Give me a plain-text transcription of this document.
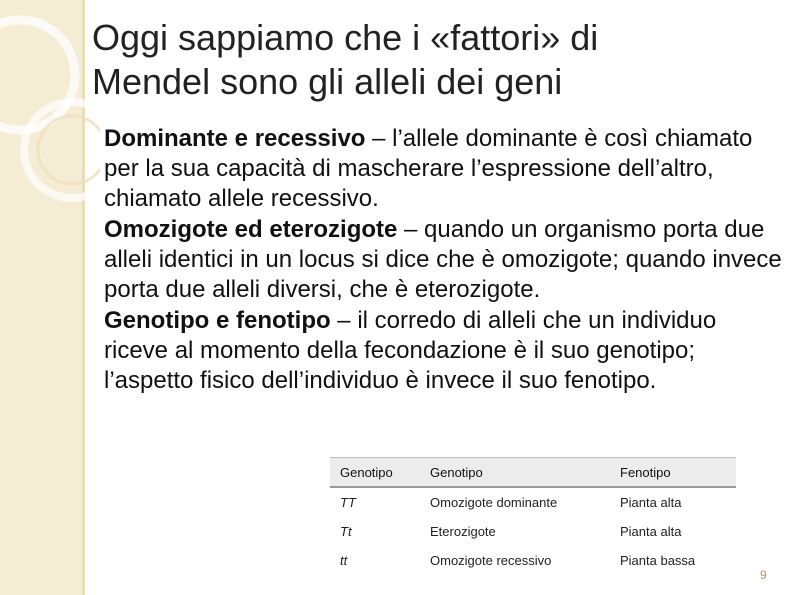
Oggi sappiamo che i «fattori» di
Mendel sono gli alleli dei geni

Dominante e recessivo – l’allele dominante è così chiamato per la sua capacità di mascherare l’espressione dell’altro, chiamato allele recessivo.

Omozigote ed eterozigote – quando un organismo porta due alleli identici in un locus si dice che è omozigote; quando invece porta due alleli diversi, che è eterozigote.

Genotipo e fenotipo – il corredo di alleli che un individuo riceve al momento della fecondazione è il suo genotipo; l’aspetto fisico dell’individuo è invece il suo fenotipo.

Genotipo	Genotipo	Fenotipo
TT	Omozigote dominante	Pianta alta
Tt	Eterozigote	Pianta alta
tt	Omozigote recessivo	Pianta bassa
9
